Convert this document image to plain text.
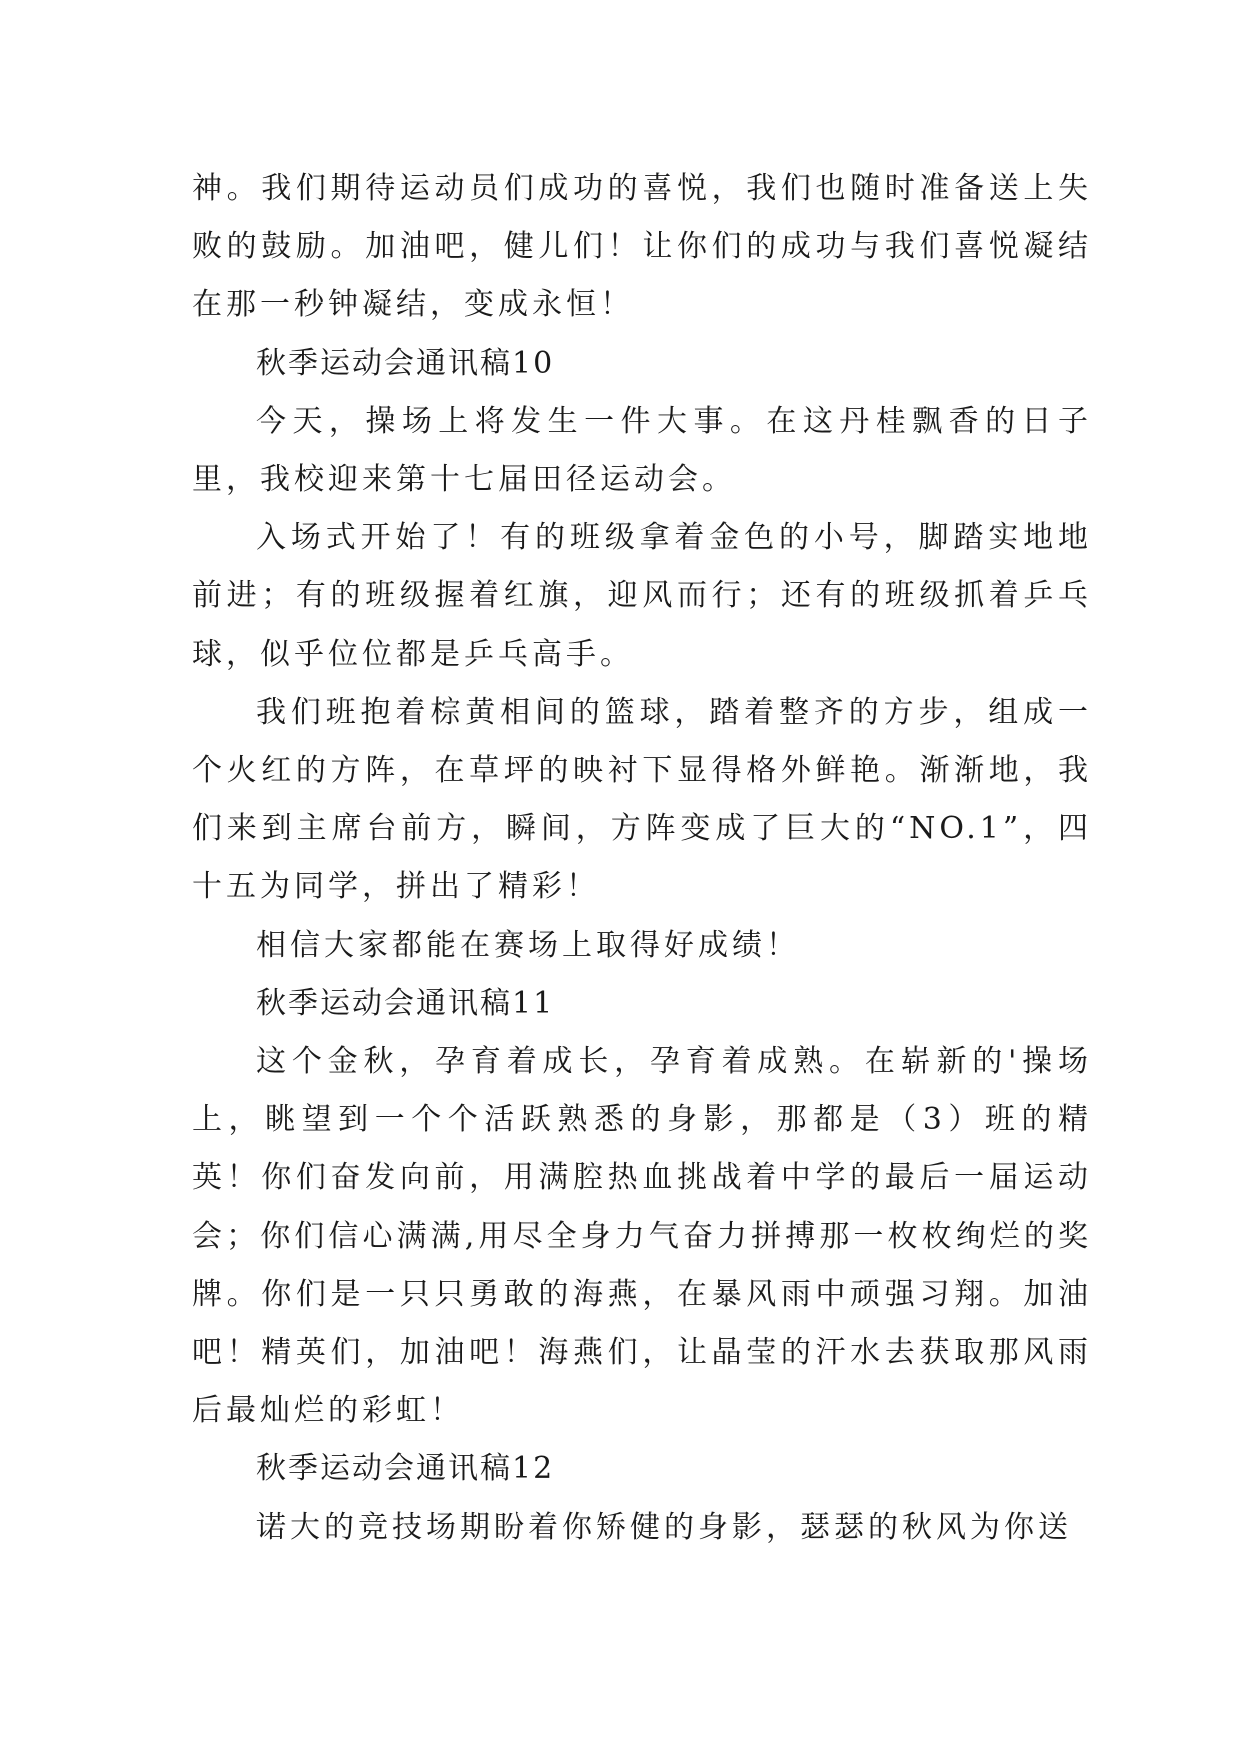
神。我们期待运动员们成功的喜悦，我们也随时准备送上失败的鼓励。加油吧，健儿们！让你们的成功与我们喜悦凝结在那一秒钟凝结，变成永恒！

秋季运动会通讯稿10

今天，操场上将发生一件大事。在这丹桂飘香的日子里，我校迎来第十七届田径运动会。

入场式开始了！有的班级拿着金色的小号，脚踏实地地前进；有的班级握着红旗，迎风而行；还有的班级抓着乒乓球，似乎位位都是乒乓高手。

我们班抱着棕黄相间的篮球，踏着整齐的方步，组成一个火红的方阵，在草坪的映衬下显得格外鲜艳。渐渐地，我们来到主席台前方，瞬间，方阵变成了巨大的“NO.1”，四十五为同学，拼出了精彩！

相信大家都能在赛场上取得好成绩！

秋季运动会通讯稿11

这个金秋，孕育着成长，孕育着成熟。在崭新的'操场上，眺望到一个个活跃熟悉的身影，那都是（3）班的精英！你们奋发向前，用满腔热血挑战着中学的最后一届运动会；你们信心满满,用尽全身力气奋力拼搏那一枚枚绚烂的奖牌。你们是一只只勇敢的海燕，在暴风雨中顽强习翔。加油吧！精英们，加油吧！海燕们，让晶莹的汗水去获取那风雨后最灿烂的彩虹！

秋季运动会通讯稿12

诺大的竞技场期盼着你矫健的身影，瑟瑟的秋风为你送
